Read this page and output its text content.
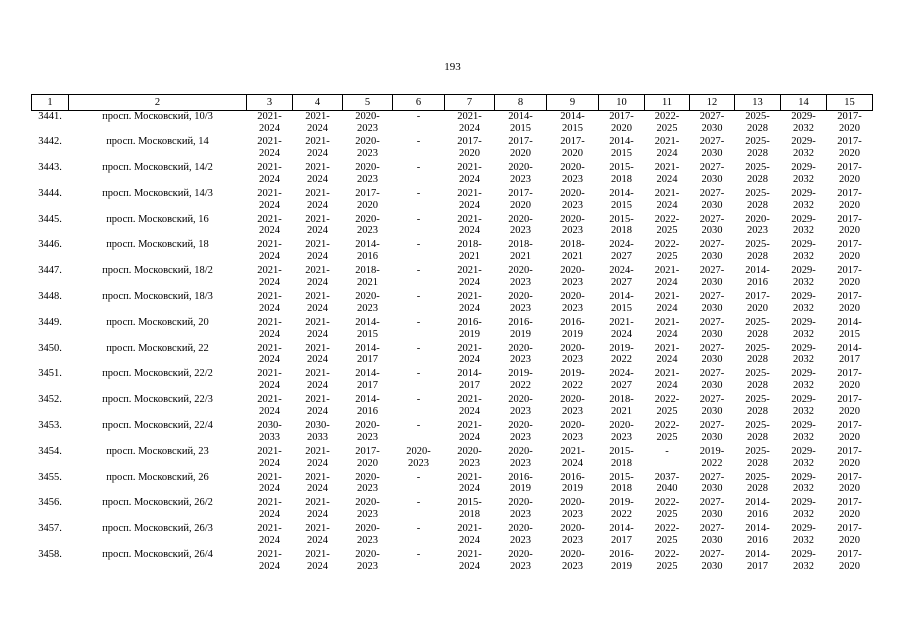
193
1	2	3	4	5	6	7	8	9	10	11	12	13	14	15
3441.	просп. Московский, 10/3	2021-
2024	2021-
2024	2020-
2023	-	2021-
2024	2014-
2015	2014-
2015	2017-
2020	2022-
2025	2027-
2030	2025-
2028	2029-
2032	2017-
2020

3442.	просп. Московский, 14	2021-
2024	2021-
2024	2020-
2023	-	2017-
2020	2017-
2020	2017-
2020	2014-
2015	2021-
2024	2027-
2030	2025-
2028	2029-
2032	2017-
2020

3443.	просп. Московский, 14/2	2021-
2024	2021-
2024	2020-
2023	-	2021-
2024	2020-
2023	2020-
2023	2015-
2018	2021-
2024	2027-
2030	2025-
2028	2029-
2032	2017-
2020

3444.	просп. Московский, 14/3	2021-
2024	2021-
2024	2017-
2020	-	2021-
2024	2017-
2020	2020-
2023	2014-
2015	2021-
2024	2027-
2030	2025-
2028	2029-
2032	2017-
2020

3445.	просп. Московский, 16	2021-
2024	2021-
2024	2020-
2023	-	2021-
2024	2020-
2023	2020-
2023	2015-
2018	2022-
2025	2027-
2030	2020-
2023	2029-
2032	2017-
2020

3446.	просп. Московский, 18	2021-
2024	2021-
2024	2014-
2016	-	2018-
2021	2018-
2021	2018-
2021	2024-
2027	2022-
2025	2027-
2030	2025-
2028	2029-
2032	2017-
2020

3447.	просп. Московский, 18/2	2021-
2024	2021-
2024	2018-
2021	-	2021-
2024	2020-
2023	2020-
2023	2024-
2027	2021-
2024	2027-
2030	2014-
2016	2029-
2032	2017-
2020

3448.	просп. Московский, 18/3	2021-
2024	2021-
2024	2020-
2023	-	2021-
2024	2020-
2023	2020-
2023	2014-
2015	2021-
2024	2027-
2030	2017-
2020	2029-
2032	2017-
2020

3449.	просп. Московский, 20	2021-
2024	2021-
2024	2014-
2015	-	2016-
2019	2016-
2019	2016-
2019	2021-
2024	2021-
2024	2027-
2030	2025-
2028	2029-
2032	2014-
2015

3450.	просп. Московский, 22	2021-
2024	2021-
2024	2014-
2017	-	2021-
2024	2020-
2023	2020-
2023	2019-
2022	2021-
2024	2027-
2030	2025-
2028	2029-
2032	2014-
2017

3451.	просп. Московский, 22/2	2021-
2024	2021-
2024	2014-
2017	-	2014-
2017	2019-
2022	2019-
2022	2024-
2027	2021-
2024	2027-
2030	2025-
2028	2029-
2032	2017-
2020

3452.	просп. Московский, 22/3	2021-
2024	2021-
2024	2014-
2016	-	2021-
2024	2020-
2023	2020-
2023	2018-
2021	2022-
2025	2027-
2030	2025-
2028	2029-
2032	2017-
2020

3453.	просп. Московский, 22/4	2030-
2033	2030-
2033	2020-
2023	-	2021-
2024	2020-
2023	2020-
2023	2020-
2023	2022-
2025	2027-
2030	2025-
2028	2029-
2032	2017-
2020

3454.	просп. Московский, 23	2021-
2024	2021-
2024	2017-
2020	2020-
2023	2020-
2023	2020-
2023	2021-
2024	2015-
2018	-	2019-
2022	2025-
2028	2029-
2032	2017-
2020

3455.	просп. Московский, 26	2021-
2024	2021-
2024	2020-
2023	-	2021-
2024	2016-
2019	2016-
2019	2015-
2018	2037-
2040	2027-
2030	2025-
2028	2029-
2032	2017-
2020

3456.	просп. Московский, 26/2	2021-
2024	2021-
2024	2020-
2023	-	2015-
2018	2020-
2023	2020-
2023	2019-
2022	2022-
2025	2027-
2030	2014-
2016	2029-
2032	2017-
2020

3457.	просп. Московский, 26/3	2021-
2024	2021-
2024	2020-
2023	-	2021-
2024	2020-
2023	2020-
2023	2014-
2017	2022-
2025	2027-
2030	2014-
2016	2029-
2032	2017-
2020

3458.	просп. Московский, 26/4	2021-
2024	2021-
2024	2020-
2023	-	2021-
2024	2020-
2023	2020-
2023	2016-
2019	2022-
2025	2027-
2030	2014-
2017	2029-
2032	2017-
2020
